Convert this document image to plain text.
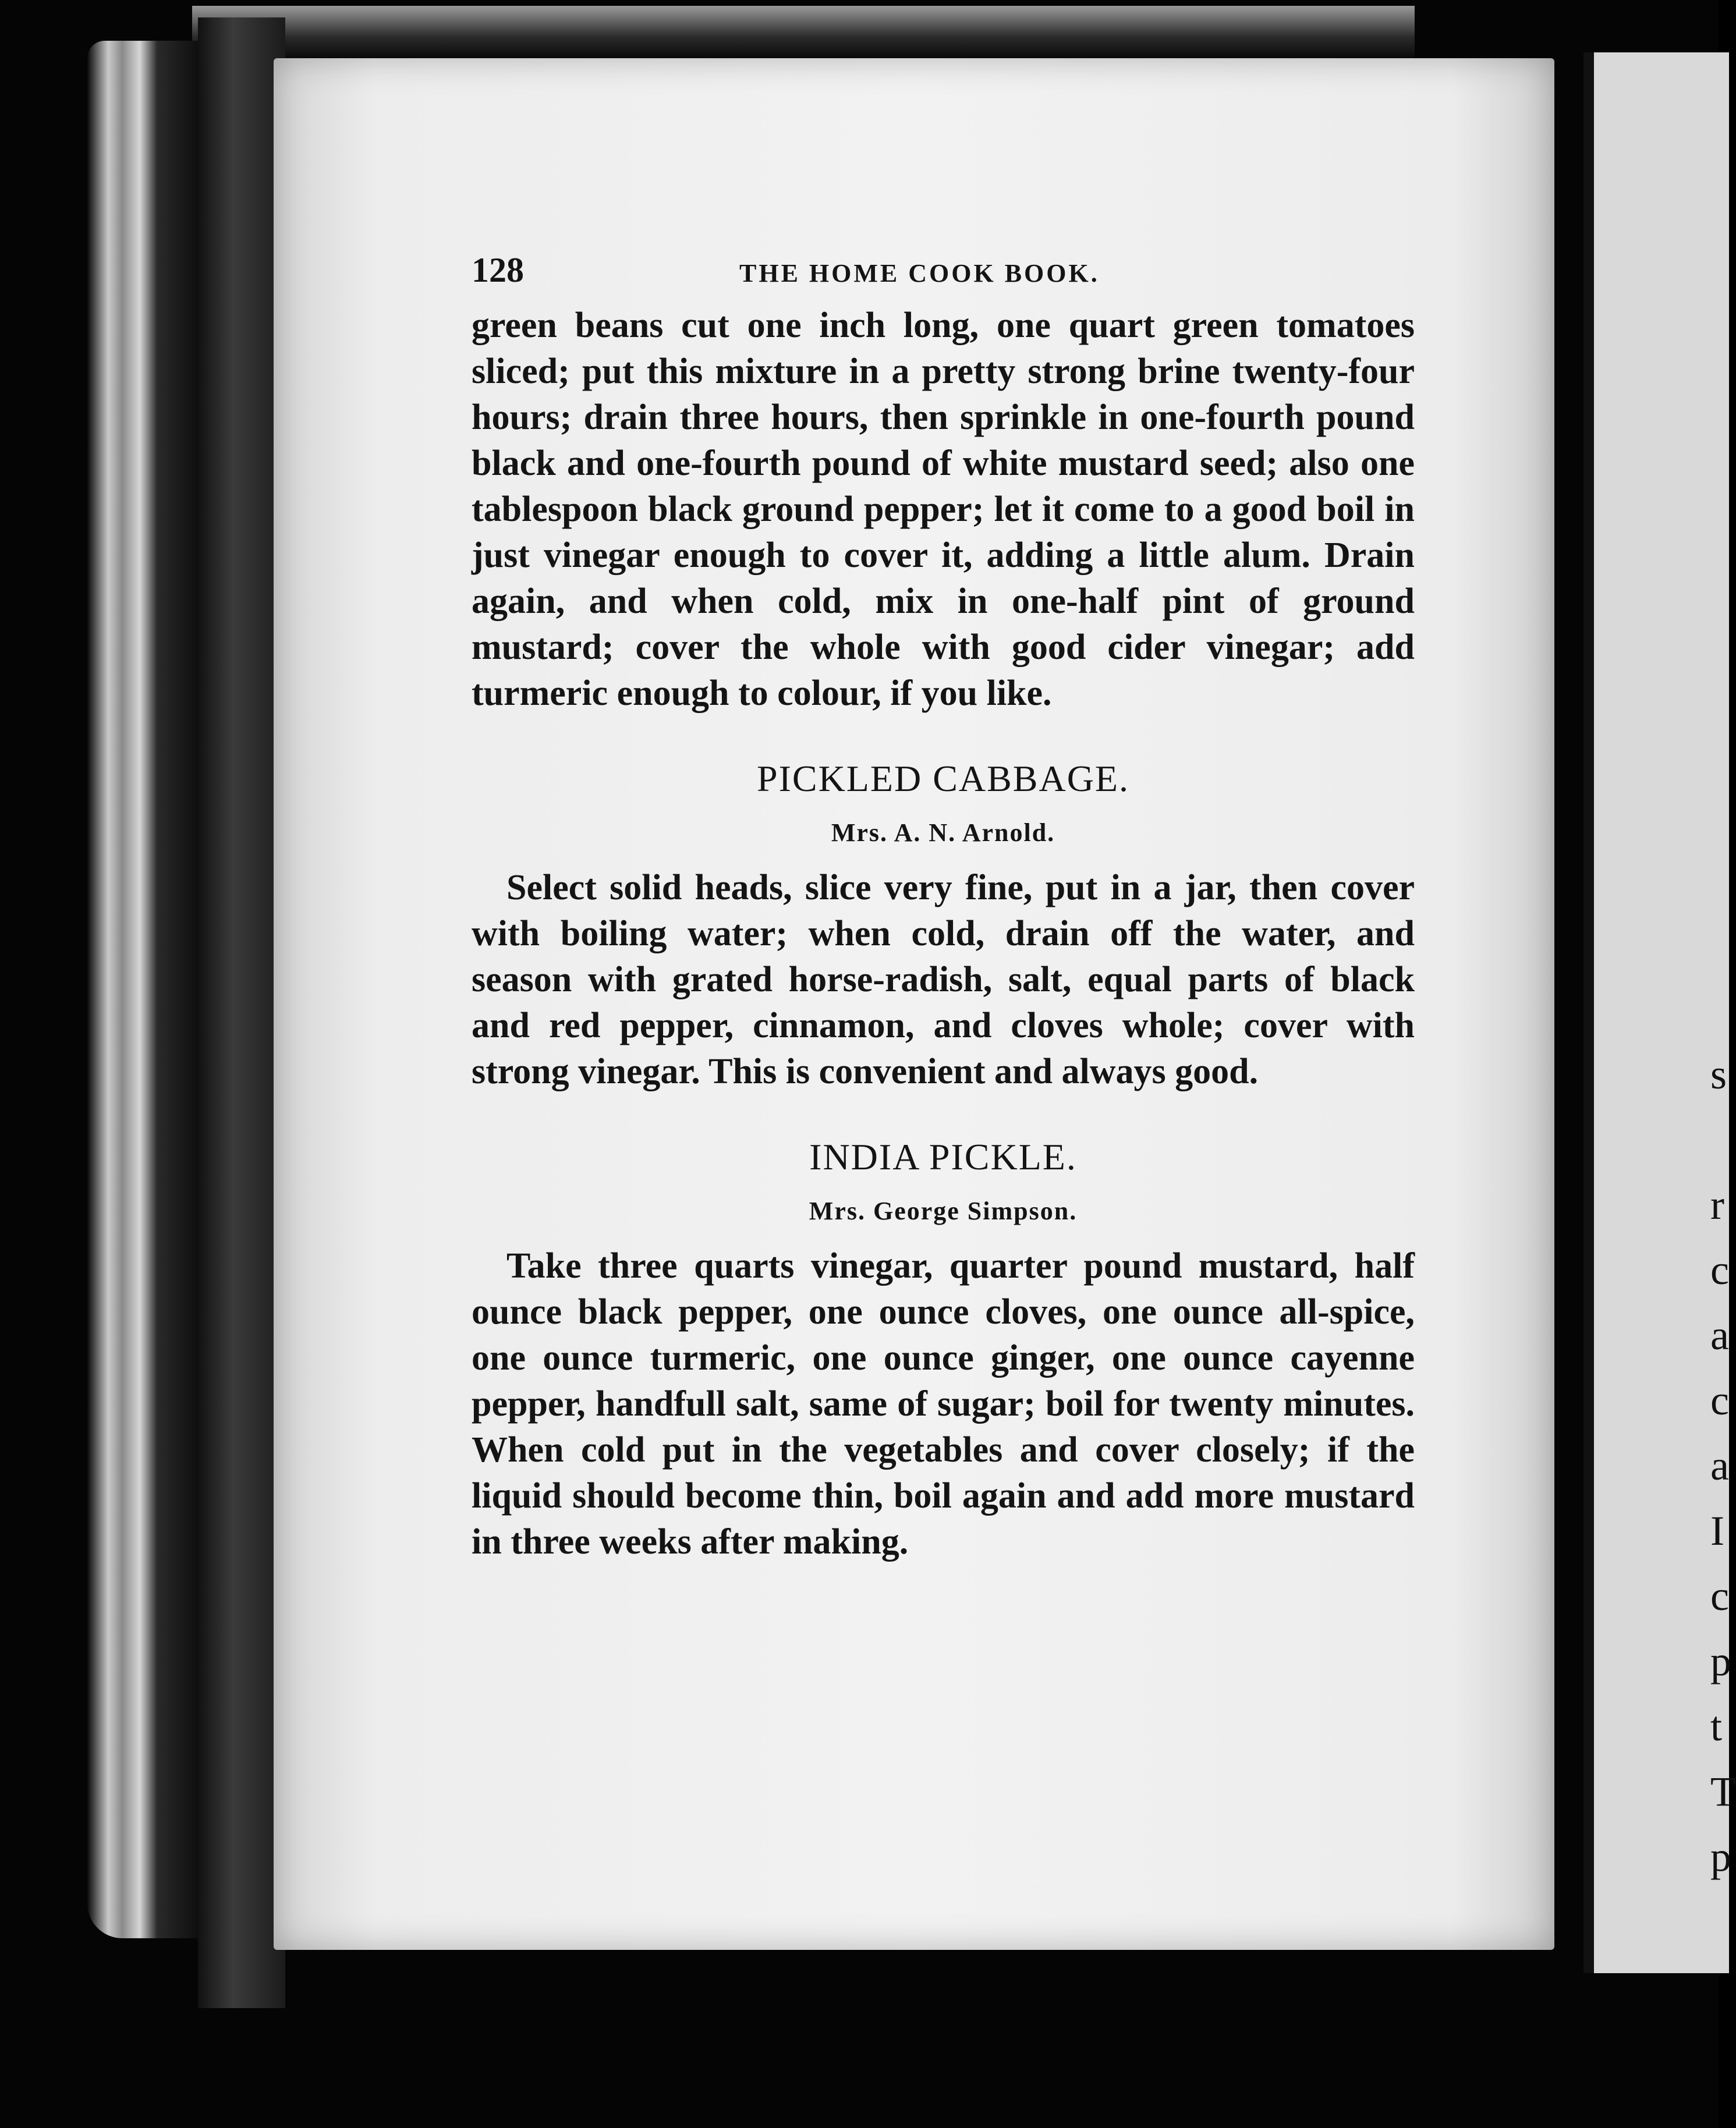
s

r
c
a
c
a
I
c
p
t
T
p
128	THE HOME COOK BOOK.

green beans cut one inch long, one quart green tomatoes sliced; put this mixture in a pretty strong brine twenty-four hours; drain three hours, then sprinkle in one-fourth pound black and one-fourth pound of white mustard seed; also one tablespoon black ground pepper; let it come to a good boil in just vinegar enough to cover it, adding a little alum. Drain again, and when cold, mix in one-half pint of ground mustard; cover the whole with good cider vinegar; add turmeric enough to colour, if you like.

PICKLED CABBAGE.
Mrs. A. N. Arnold.

Select solid heads, slice very fine, put in a jar, then cover with boiling water; when cold, drain off the water, and season with grated horse-radish, salt, equal parts of black and red pepper, cinnamon, and cloves whole; cover with strong vinegar. This is convenient and always good.

INDIA PICKLE.
Mrs. George Simpson.

Take three quarts vinegar, quarter pound mustard, half ounce black pepper, one ounce cloves, one ounce all-spice, one ounce turmeric, one ounce ginger, one ounce cayenne pepper, handfull salt, same of sugar; boil for twenty minutes. When cold put in the vegetables and cover closely; if the liquid should become thin, boil again and add more mustard in three weeks after making.
